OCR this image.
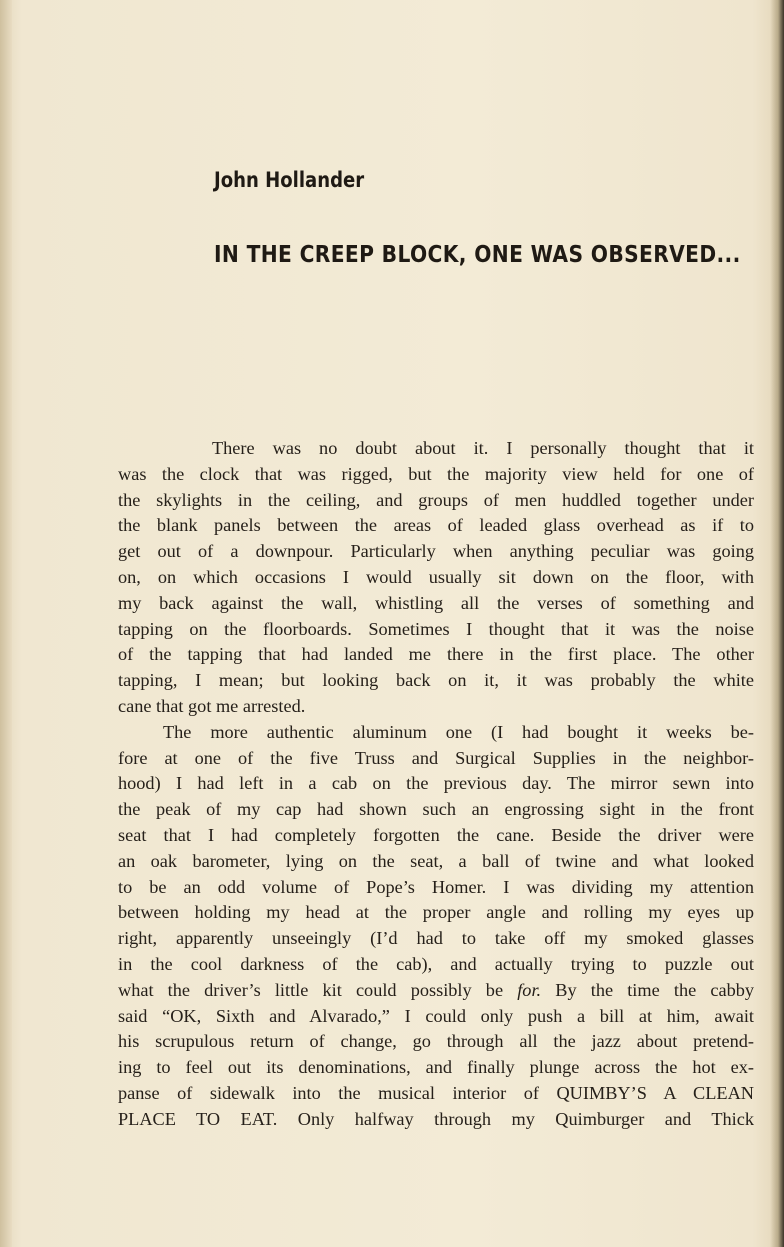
John Hollander
IN THE CREEP BLOCK, ONE WAS OBSERVED...

There was no doubt about it. I personally thought that it
was the clock that was rigged, but the majority view held for one of
the skylights in the ceiling, and groups of men huddled together under
the blank panels between the areas of leaded glass overhead as if to
get out of a downpour. Particularly when anything peculiar was going
on, on which occasions I would usually sit down on the floor, with
my back against the wall, whistling all the verses of something and
tapping on the floorboards. Sometimes I thought that it was the noise
of the tapping that had landed me there in the first place. The other
tapping, I mean; but looking back on it, it was probably the white
cane that got me arrested.

The more authentic aluminum one (I had bought it weeks be-
fore at one of the five Truss and Surgical Supplies in the neighbor-
hood) I had left in a cab on the previous day. The mirror sewn into
the peak of my cap had shown such an engrossing sight in the front
seat that I had completely forgotten the cane. Beside the driver were
an oak barometer, lying on the seat, a ball of twine and what looked
to be an odd volume of Pope’s Homer. I was dividing my attention
between holding my head at the proper angle and rolling my eyes up
right, apparently unseeingly (I’d had to take off my smoked glasses
in the cool darkness of the cab), and actually trying to puzzle out
what the driver’s little kit could possibly be for. By the time the cabby
said “OK, Sixth and Alvarado,” I could only push a bill at him, await
his scrupulous return of change, go through all the jazz about pretend-
ing to feel out its denominations, and finally plunge across the hot ex-
panse of sidewalk into the musical interior of QUIMBY’S A CLEAN
PLACE TO EAT. Only halfway through my Quimburger and Thick
